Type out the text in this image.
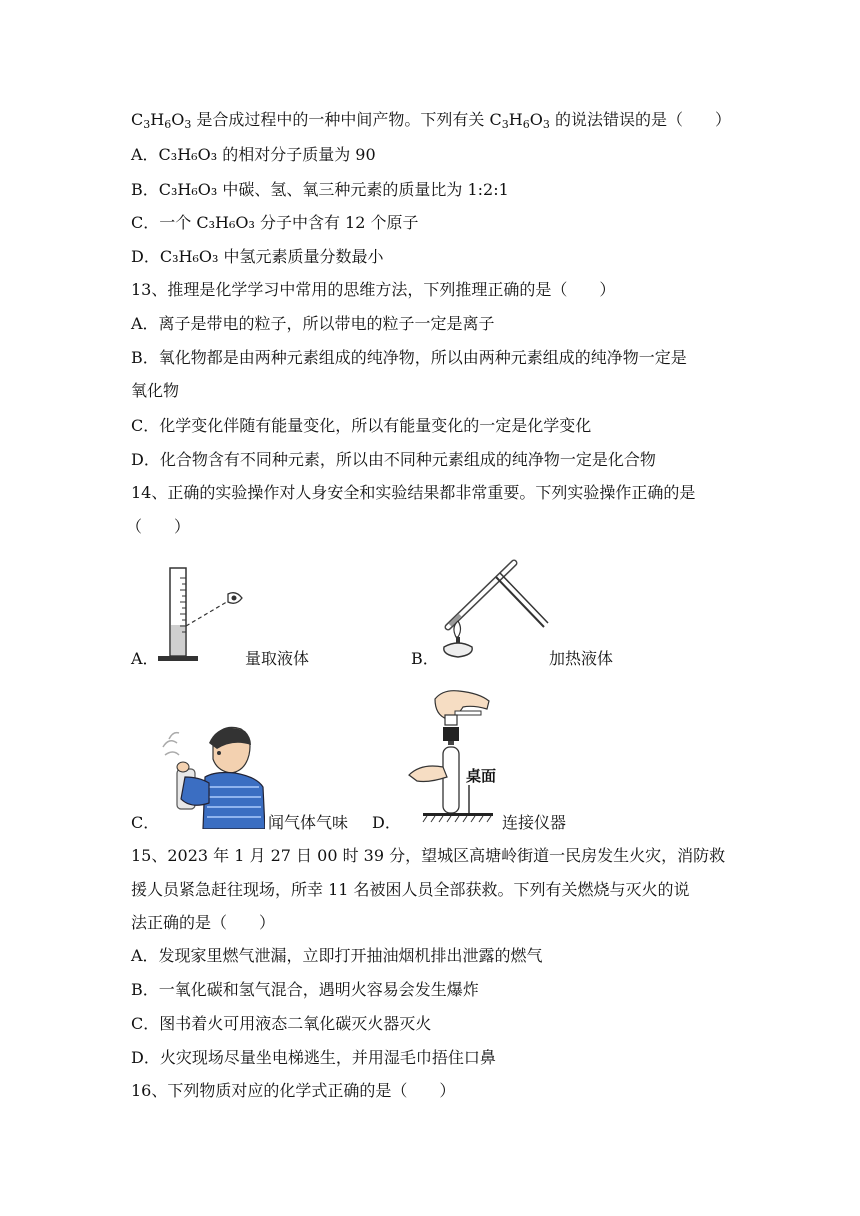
$C_3H_6O_3$ 是合成过程中的一种中间产物。下列有关 $C_3H_6O_3$ 的说法错误的是（　　）
A．C₃H₆O₃ 的相对分子质量为 90
B．C₃H₆O₃ 中碳、氢、氧三种元素的质量比为 1:2:1
C．一个 C₃H₆O₃ 分子中含有 12 个原子
D．C₃H₆O₃ 中氢元素质量分数最小
13、推理是化学学习中常用的思维方法，下列推理正确的是（　　）
A．离子是带电的粒子，所以带电的粒子一定是离子
B．氧化物都是由两种元素组成的纯净物，所以由两种元素组成的纯净物一定是
氧化物
C．化学变化伴随有能量变化，所以有能量变化的一定是化学变化
D．化合物含有不同种元素，所以由不同种元素组成的纯净物一定是化合物
14、正确的实验操作对人身安全和实验结果都非常重要。下列实验操作正确的是
（　　）
A．	量取液体	B．	加热液体
C．	闻气体气味
桌面
D．	连接仪器
15、2023 年 1 月 27 日 00 时 39 分，望城区高塘岭街道一民房发生火灾，消防救
援人员紧急赶往现场，所幸 11 名被困人员全部获救。下列有关燃烧与灭火的说
法正确的是（　　）
A．发现家里燃气泄漏，立即打开抽油烟机排出泄露的燃气
B．一氧化碳和氢气混合，遇明火容易会发生爆炸
C．图书着火可用液态二氧化碳灭火器灭火
D．火灾现场尽量坐电梯逃生，并用湿毛巾捂住口鼻
16、下列物质对应的化学式正确的是（　　）
